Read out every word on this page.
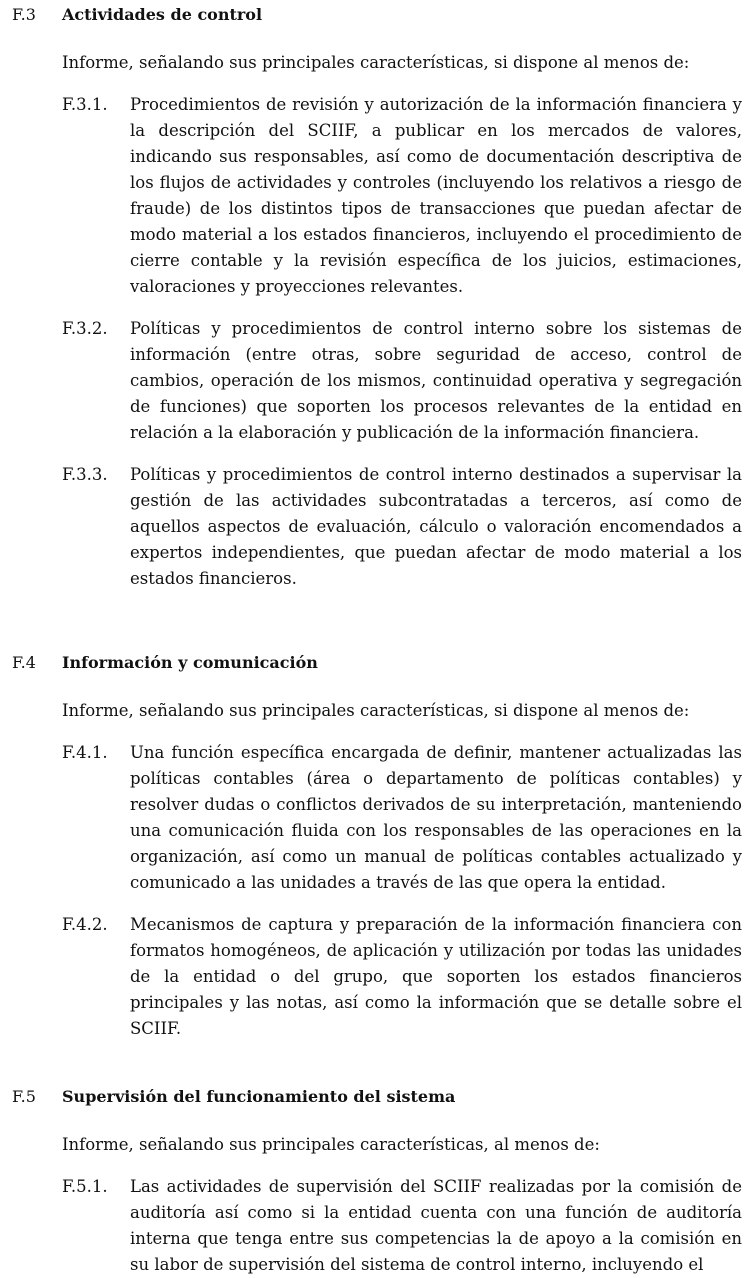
F.3 Actividades de control
Informe, señalando sus principales características, si dispone al menos de:
F.3.1. Procedimientos de revisión y autorización de la información financiera y la descripción del SCIIF, a publicar en los mercados de valores, indicando sus responsables, así como de documentación descriptiva de los flujos de actividades y controles (incluyendo los relativos a riesgo de fraude) de los distintos tipos de transacciones que puedan afectar de modo material a los estados financieros, incluyendo el procedimiento de cierre contable y la revisión específica de los juicios, estimaciones, valoraciones y proyecciones relevantes.
F.3.2. Políticas y procedimientos de control interno sobre los sistemas de información (entre otras, sobre seguridad de acceso, control de cambios, operación de los mismos, continuidad operativa y segregación de funciones) que soporten los procesos relevantes de la entidad en relación a la elaboración y publicación de la información financiera.
F.3.3. Políticas y procedimientos de control interno destinados a supervisar la gestión de las actividades subcontratadas a terceros, así como de aquellos aspectos de evaluación, cálculo o valoración encomendados a expertos independientes, que puedan afectar de modo material a los estados financieros.
F.4 Información y comunicación
Informe, señalando sus principales características, si dispone al menos de:
F.4.1. Una función específica encargada de definir, mantener actualizadas las políticas contables (área o departamento de políticas contables) y resolver dudas o conflictos derivados de su interpretación, manteniendo una comunicación fluida con los responsables de las operaciones en la organización, así como un manual de políticas contables actualizado y comunicado a las unidades a través de las que opera la entidad.
F.4.2. Mecanismos de captura y preparación de la información financiera con formatos homogéneos, de aplicación y utilización por todas las unidades de la entidad o del grupo, que soporten los estados financieros principales y las notas, así como la información que se detalle sobre el SCIIF.
F.5 Supervisión del funcionamiento del sistema
Informe, señalando sus principales características, al menos de:
F.5.1. Las actividades de supervisión del SCIIF realizadas por la comisión de auditoría así como si la entidad cuenta con una función de auditoría interna que tenga entre sus competencias la de apoyo a la comisión en su labor de supervisión del sistema de control interno, incluyendo el
